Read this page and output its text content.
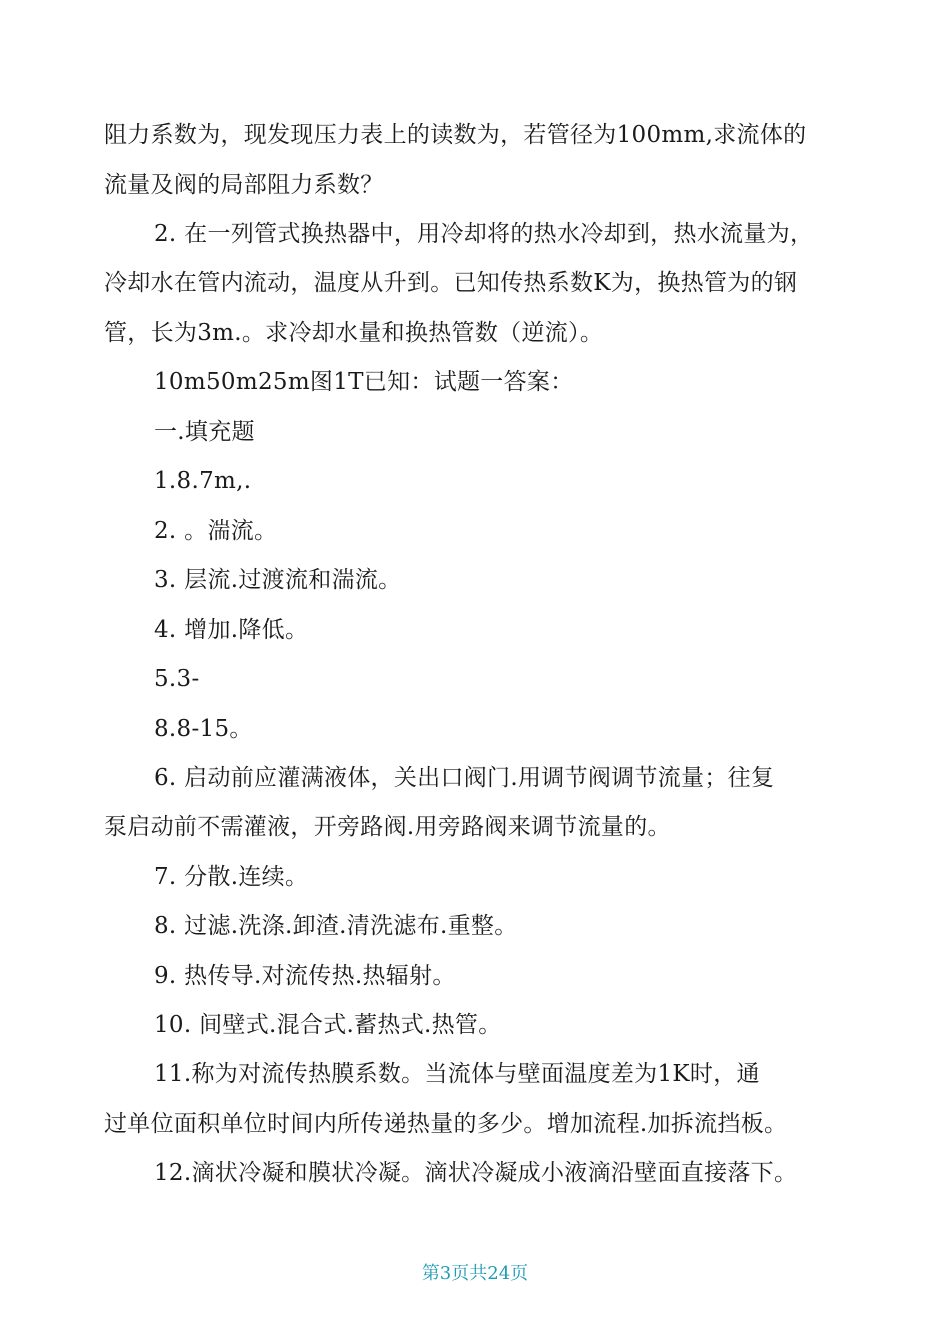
阻力系数为，现发现压力表上的读数为，若管径为100mm,求流体的
流量及阀的局部阻力系数？
2. 在一列管式换热器中，用冷却将的热水冷却到，热水流量为，
冷却水在管内流动，温度从升到。已知传热系数K为，换热管为的钢
管，长为3m.。求冷却水量和换热管数（逆流）。
10m50m25m图1T已知：试题一答案：
一.填充题
1.8.7m,.
2. 。湍流。
3. 层流.过渡流和湍流。
4. 增加.降低。
5.3-
8.8-15。
6. 启动前应灌满液体，关出口阀门.用调节阀调节流量；往复
泵启动前不需灌液，开旁路阀.用旁路阀来调节流量的。
7. 分散.连续。
8. 过滤.洗涤.卸渣.清洗滤布.重整。
9. 热传导.对流传热.热辐射。
10. 间壁式.混合式.蓄热式.热管。
11.称为对流传热膜系数。当流体与壁面温度差为1K时，通
过单位面积单位时间内所传递热量的多少。增加流程.加拆流挡板。
12.滴状冷凝和膜状冷凝。滴状冷凝成小液滴沿壁面直接落下。
第3页共24页
